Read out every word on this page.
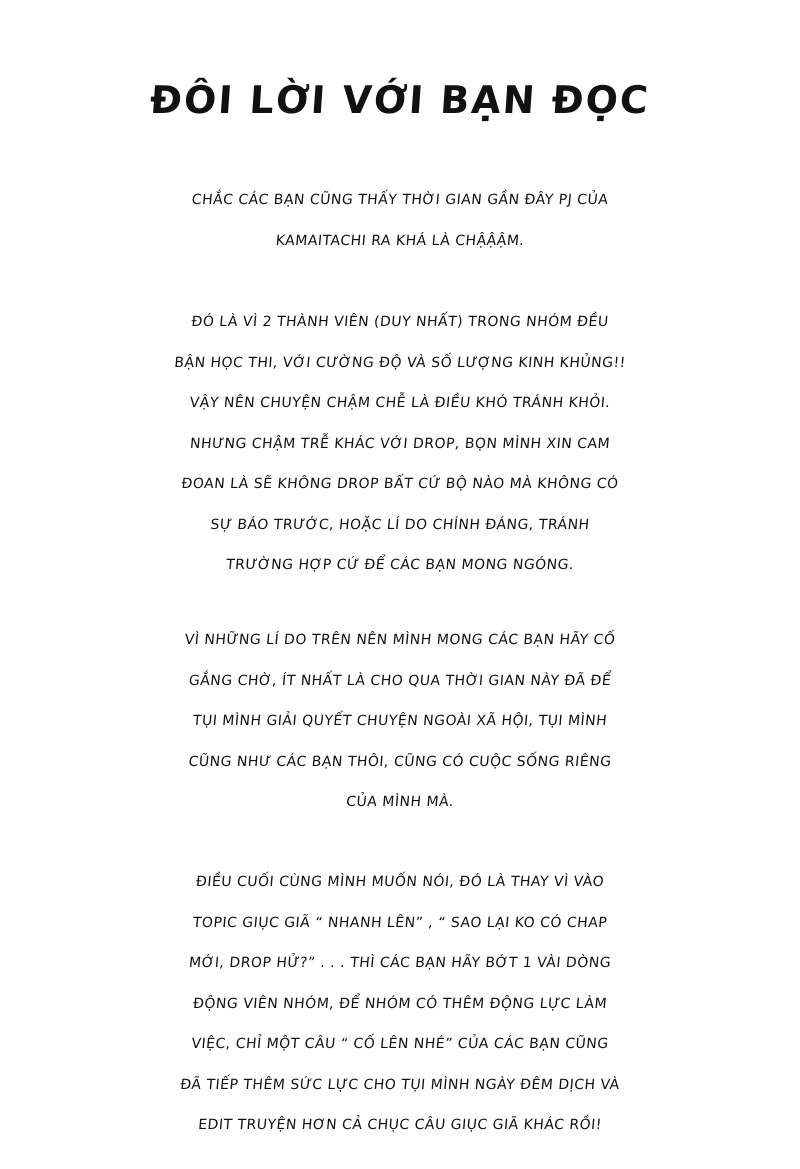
ĐÔI LỜI VỚI BẠN ĐỌC
CHẮC CÁC BẠN CŨNG THẤY THỜI GIAN GẦN ĐÂY PJ CỦA
KAMAITACHI RA KHÁ LÀ CHẬẬẬM.
ĐÓ LÀ VÌ 2 THÀNH VIÊN (DUY NHẤT) TRONG NHÓM ĐỀU
BẬN HỌC THI, VỚI CƯỜNG ĐỘ VÀ SỐ LƯỢNG KINH KHỦNG!!
VẬY NÊN CHUYỆN CHẬM CHỄ LÀ ĐIỀU KHÓ TRÁNH KHỎI.
NHƯNG CHẬM TRỄ KHÁC VỚI DROP, BỌN MÌNH XIN CAM
ĐOAN LÀ SẼ KHÔNG DROP BẤT CỨ BỘ NÀO MÀ KHÔNG CÓ
SỰ BÁO TRƯỚC, HOẶC LÍ DO CHÍNH ĐÁNG, TRÁNH
TRƯỜNG HỢP CỨ ĐỂ CÁC BẠN MONG NGÓNG.
VÌ NHỮNG LÍ DO TRÊN NÊN MÌNH MONG CÁC BẠN HÃY CỐ
GẮNG CHỜ, ÍT NHẤT LÀ CHO QUA THỜI GIAN NÀY ĐÃ ĐỂ
TỤI MÌNH GIẢI QUYẾT CHUYỆN NGOÀI XÃ HỘI, TỤI MÌNH
CŨNG NHƯ CÁC BẠN THÔI, CŨNG CÓ CUỘC SỐNG RIÊNG
CỦA MÌNH MÀ.
ĐIỀU CUỐI CÙNG MÌNH MUỐN NÓI, ĐÓ LÀ THAY VÌ VÀO
TOPIC GIỤC GIÃ “ NHANH LÊN” , “ SAO LẠI KO CÓ CHAP
MỚI, DROP HỬ?” . . . THÌ CÁC BẠN HÃY BỚT 1 VÀI DÒNG
ĐỘNG VIÊN NHÓM, ĐỂ NHÓM CÓ THÊM ĐỘNG LỰC LÀM
VIỆC, CHỈ MỘT CÂU “ CỐ LÊN NHÉ” CỦA CÁC BẠN CŨNG
ĐÃ TIẾP THÊM SỨC LỰC CHO TỤI MÌNH NGÀY ĐÊM DỊCH VÀ
EDIT TRUYỆN HƠN CẢ CHỤC CÂU GIỤC GIÃ KHÁC RỒI!
